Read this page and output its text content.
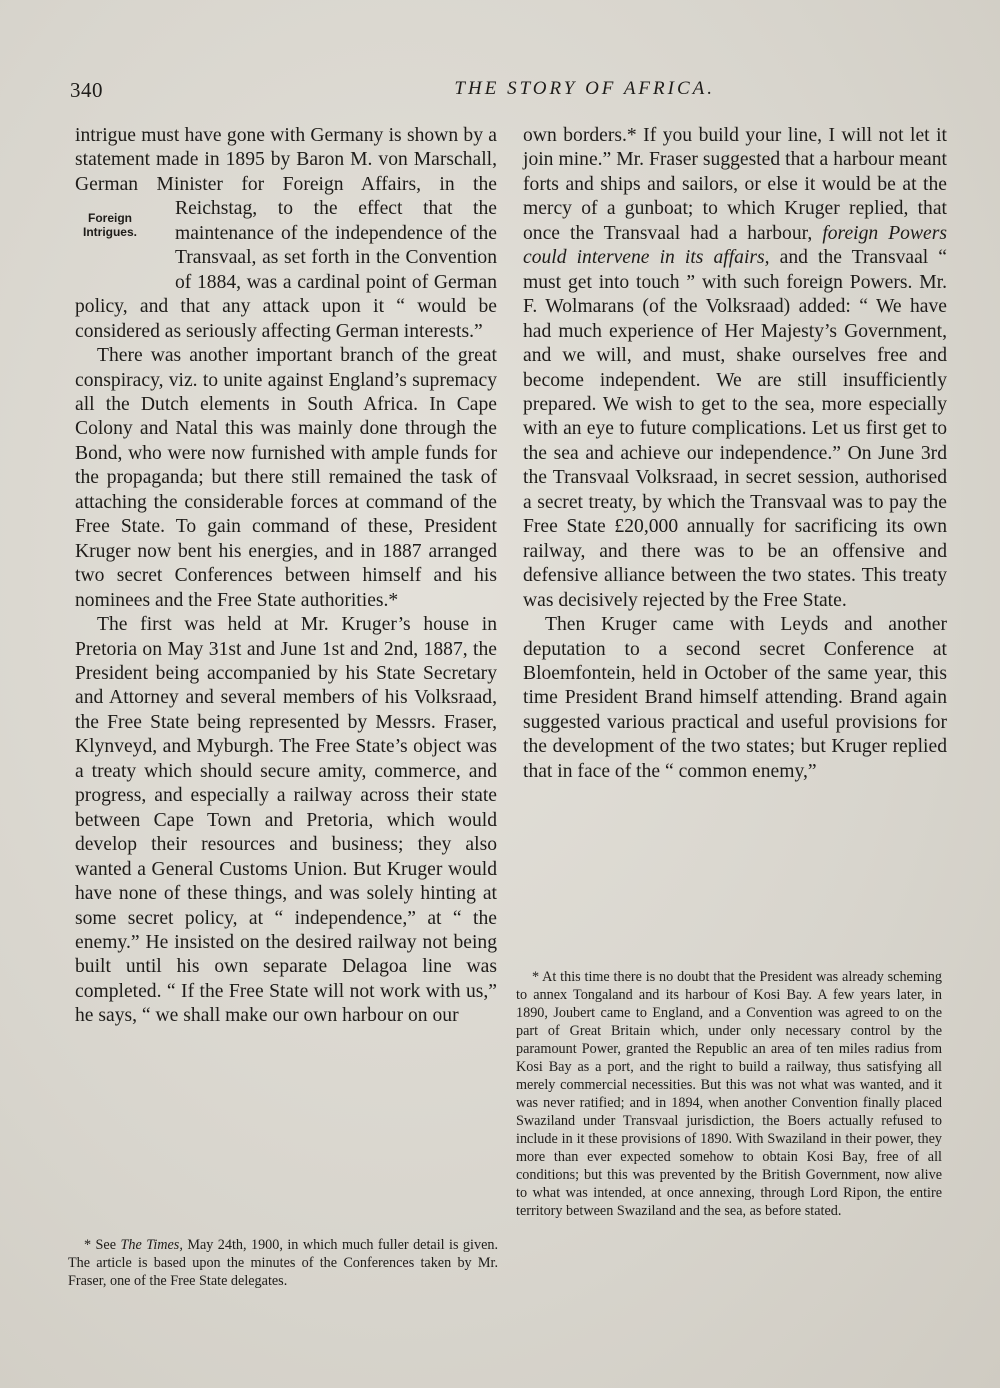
340	THE STORY OF AFRICA.

intrigue must have gone with Germany is shown by a statement made in 1895 by Baron M. von Marschall, German Minister for Foreign Affairs, in the Reichstag, to the effect
Foreign
Intrigues.
that the maintenance of the independence of the Transvaal, as set forth in the Convention of 1884, was a cardinal point of German policy, and that any attack upon it “ would be considered as seriously affecting German interests.”

There was another important branch of the great conspiracy, viz. to unite against England’s supremacy all the Dutch elements in South Africa. In Cape Colony and Natal this was mainly done through the Bond, who were now furnished with ample funds for the propaganda; but there still remained the task of attaching the considerable forces at command of the Free State. To gain command of these, President Kruger now bent his energies, and in 1887 arranged two secret Conferences between himself and his nominees and the Free State authorities.*

The first was held at Mr. Kruger’s house in Pretoria on May 31st and June 1st and 2nd, 1887, the President being accompanied by his State Secretary and Attorney and several members of his Volksraad, the Free State being represented by Messrs. Fraser, Klynveyd, and Myburgh. The Free State’s object was a treaty which should secure amity, commerce, and progress, and especially a railway across their state between Cape Town and Pretoria, which would develop their resources and business; they also wanted a General Customs Union. But Kruger would have none of these things, and was solely hinting at some secret policy, at “ independence,” at “ the enemy.” He insisted on the desired railway not being built until his own separate Delagoa line was completed. “ If the Free State will not work with us,” he says, “ we shall make our own harbour on our

own borders.* If you build your line, I will not let it join mine.” Mr. Fraser suggested that a harbour meant forts and ships and sailors, or else it would be at the mercy of a gunboat; to which Kruger replied, that once the Transvaal had a harbour, foreign Powers could intervene in its affairs, and the Transvaal “ must get into touch ” with such foreign Powers. Mr. F. Wolmarans (of the Volksraad) added: “ We have had much experience of Her Majesty’s Government, and we will, and must, shake ourselves free and become independent. We are still insufficiently prepared. We wish to get to the sea, more especially with an eye to future complications. Let us first get to the sea and achieve our independence.” On June 3rd the Transvaal Volksraad, in secret session, authorised a secret treaty, by which the Transvaal was to pay the Free State £20,000 annually for sacrificing its own railway, and there was to be an offensive and defensive alliance between the two states. This treaty was decisively rejected by the Free State.

Then Kruger came with Leyds and another deputation to a second secret Conference at Bloemfontein, held in October of the same year, this time President Brand himself attending. Brand again suggested various practical and useful provisions for the development of the two states; but Kruger replied that in face of the “ common enemy,”

* At this time there is no doubt that the President was already scheming to annex Tongaland and its harbour of Kosi Bay. A few years later, in 1890, Joubert came to England, and a Convention was agreed to on the part of Great Britain which, under only necessary control by the paramount Power, granted the Republic an area of ten miles radius from Kosi Bay as a port, and the right to build a railway, thus satisfying all merely commercial necessities. But this was not what was wanted, and it was never ratified; and in 1894, when another Convention finally placed Swaziland under Transvaal jurisdiction, the Boers actually refused to include in it these provisions of 1890. With Swaziland in their power, they more than ever expected somehow to obtain Kosi Bay, free of all conditions; but this was prevented by the British Government, now alive to what was intended, at once annexing, through Lord Ripon, the entire territory between Swaziland and the sea, as before stated.

* See The Times, May 24th, 1900, in which much fuller detail is given. The article is based upon the minutes of the Conferences taken by Mr. Fraser, one of the Free State delegates.
